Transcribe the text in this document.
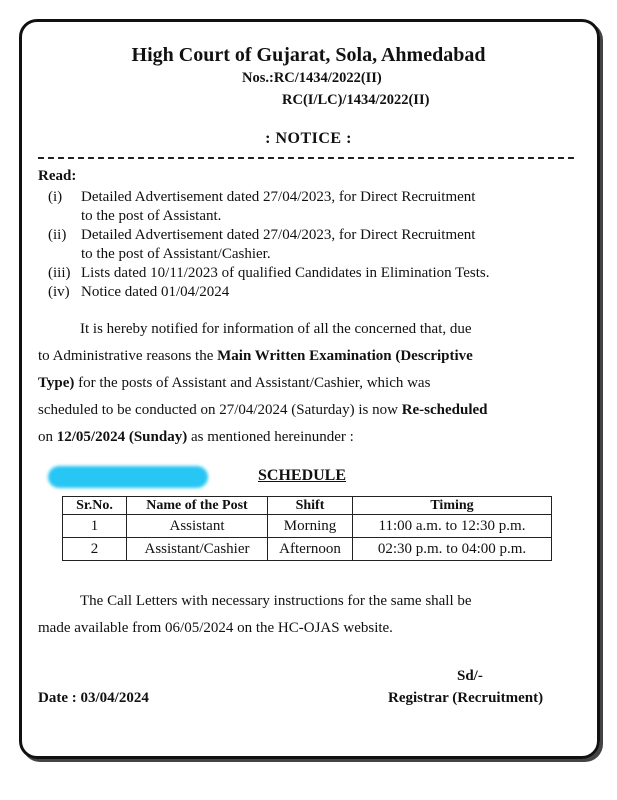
High Court of Gujarat, Sola, Ahmedabad
Nos.:RC/1434/2022(II)
RC(I/LC)/1434/2022(II)
: NOTICE :
Read:
(i)	Detailed Advertisement dated 27/04/2023, for Direct Recruitment
to the post of Assistant.
(ii) Detailed Advertisement dated 27/04/2023, for Direct Recruitment
to the post of Assistant/Cashier.
(iii) Lists dated 10/11/2023 of qualified Candidates in Elimination Tests.
(iv) Notice dated 01/04/2024
It is hereby notified for information of all the concerned that, due
to Administrative reasons the Main Written Examination (Descriptive
Type) for the posts of Assistant and Assistant/Cashier, which was
scheduled to be conducted on 27/04/2024 (Saturday) is now Re-scheduled
on 12/05/2024 (Sunday) as mentioned hereinunder :
SCHEDULE
Sr.No.	Name of the Post	Shift	Timing
1	Assistant	Morning	11:00 a.m. to 12:30 p.m.
2	Assistant/Cashier	Afternoon	02:30 p.m. to 04:00 p.m.
The Call Letters with necessary instructions for the same shall be
made available from 06/05/2024 on the HC-OJAS website.
Sd/-
Date : 03/04/2024	Registrar (Recruitment)
